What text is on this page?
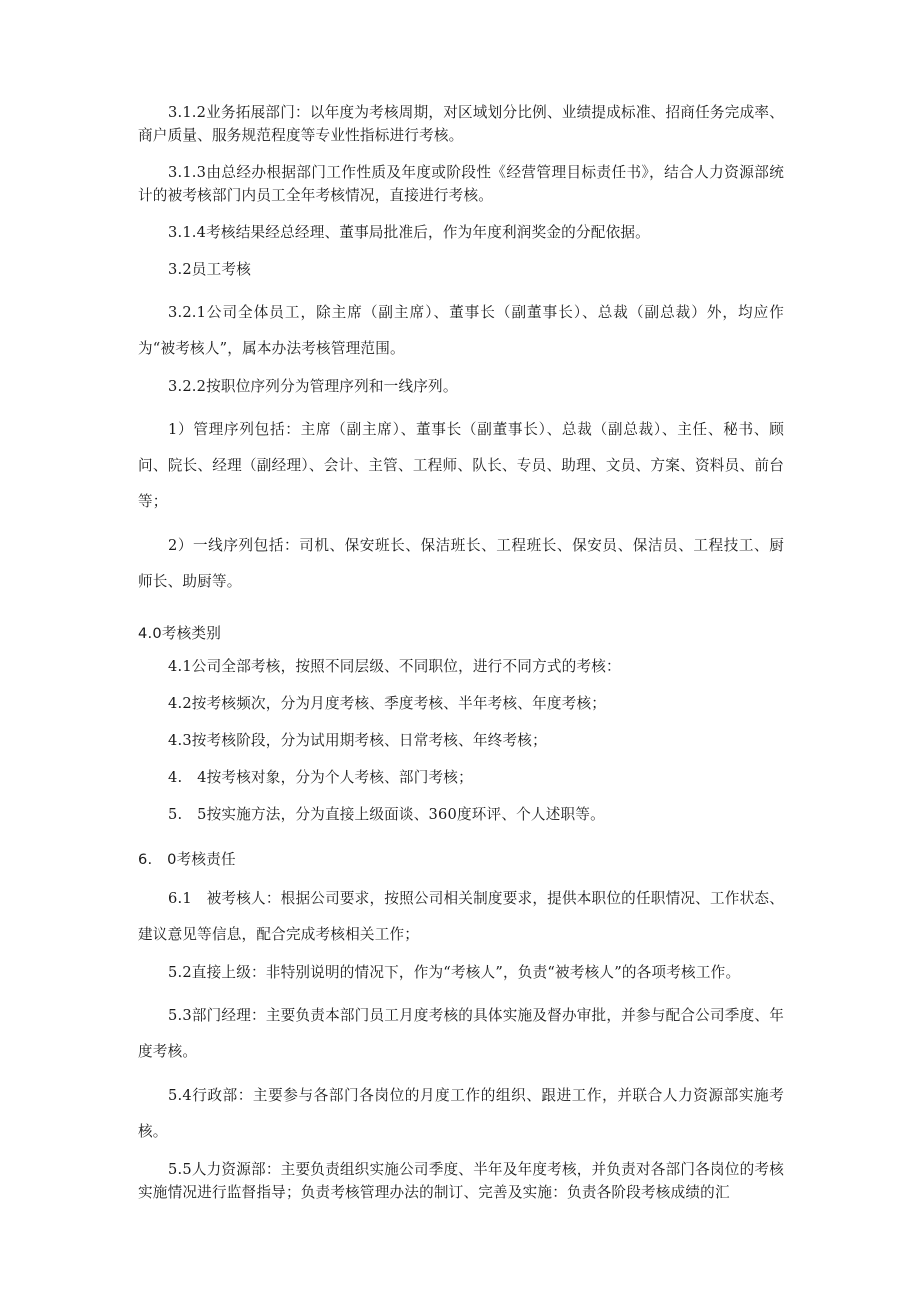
3.1.2业务拓展部门：以年度为考核周期，对区域划分比例、业绩提成标准、招商任务完成率、商户质量、服务规范程度等专业性指标进行考核。

3.1.3由总经办根据部门工作性质及年度或阶段性《经营管理目标责任书》，结合人力资源部统计的被考核部门内员工全年考核情况，直接进行考核。

3.1.4考核结果经总经理、董事局批准后，作为年度利润奖金的分配依据。

3.2员工考核

3.2.1公司全体员工，除主席（副主席）、董事长（副董事长）、总裁（副总裁）外，均应作为“被考核人”，属本办法考核管理范围。

3.2.2按职位序列分为管理序列和一线序列。

1）管理序列包括：主席（副主席）、董事长（副董事长）、总裁（副总裁）、主任、秘书、顾问、院长、经理（副经理）、会计、主管、工程师、队长、专员、助理、文员、方案、资料员、前台等；

2）一线序列包括：司机、保安班长、保洁班长、工程班长、保安员、保洁员、工程技工、厨师长、助厨等。

4.0考核类别

4.1公司全部考核，按照不同层级、不同职位，进行不同方式的考核：

4.2按考核频次，分为月度考核、季度考核、半年考核、年度考核；

4.3按考核阶段，分为试用期考核、日常考核、年终考核；

4.　4按考核对象，分为个人考核、部门考核；

5.　5按实施方法，分为直接上级面谈、360度环评、个人述职等。

6.　0考核责任

6.1　被考核人：根据公司要求，按照公司相关制度要求，提供本职位的任职情况、工作状态、建议意见等信息，配合完成考核相关工作；

5.2直接上级：非特别说明的情况下，作为“考核人”，负责“被考核人”的各项考核工作。

5.3部门经理：主要负责本部门员工月度考核的具体实施及督办审批，并参与配合公司季度、年度考核。

5.4行政部：主要参与各部门各岗位的月度工作的组织、跟进工作，并联合人力资源部实施考核。

5.5人力资源部：主要负责组织实施公司季度、半年及年度考核，并负责对各部门各岗位的考核实施情况进行监督指导；负责考核管理办法的制订、完善及实施：负责各阶段考核成绩的汇
